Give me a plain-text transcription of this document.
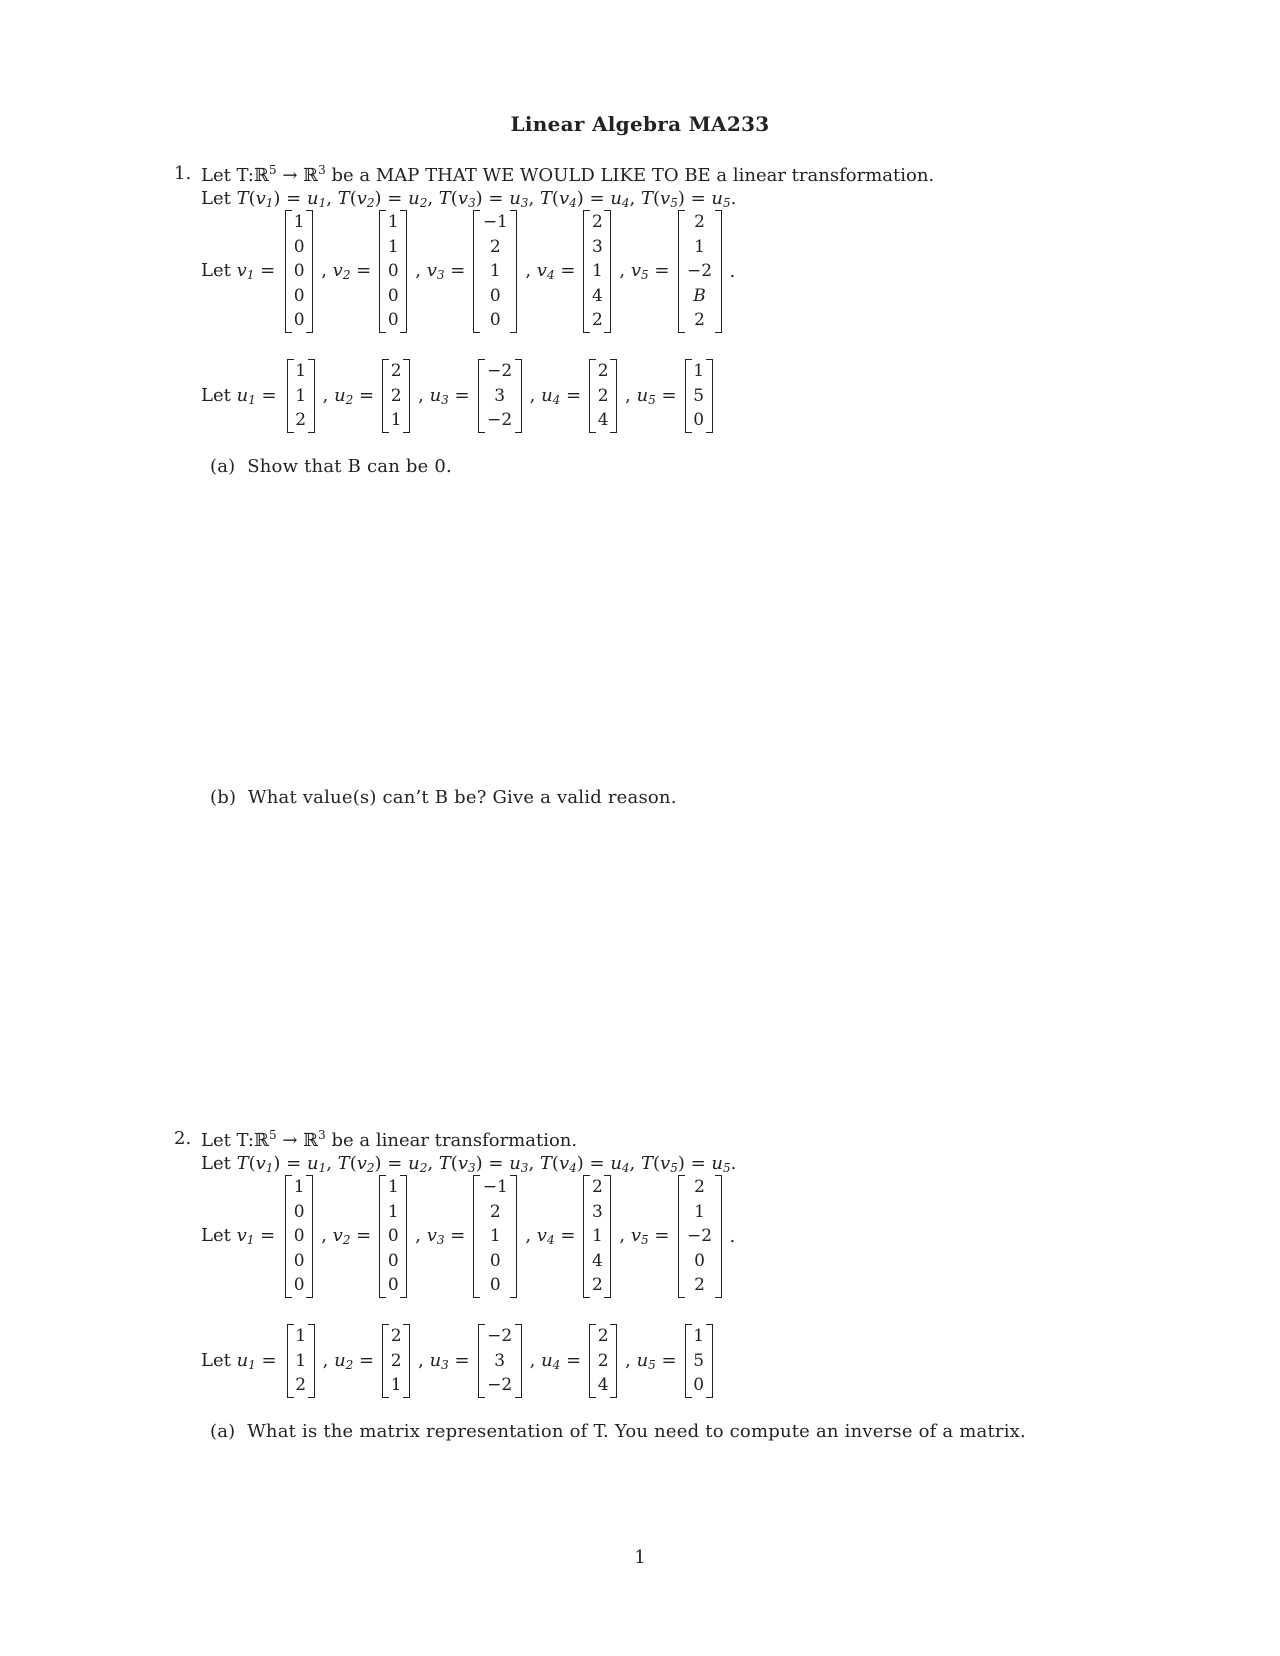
Linear Algebra MA233
1. Let T:ℝ$^5$ → ℝ$^3$ be a MAP THAT WE WOULD LIKE TO BE a linear transformation.
Let $T(v_1) = u_1$, $T(v_2) = u_2$, $T(v_3) = u_3$, $T(v_4) = u_4$, $T(v_5) = u_5$.
Let $v_1$ =
1
0
0
0
0
, $v_2$ =
1
1
0
0
0
, $v_3$ =
−1
2
1
0
0
, $v_4$ =
2
3
1
4
2
, $v_5$ =
2
1
−2
B
2
.
Let $u_1$ =
1
1
2
, $u_2$ =
2
2
1
, $u_3$ =
−2
3
−2
, $u_4$ =
2
2
4
, $u_5$ =
1
5
0
(a) Show that B can be 0.
(b) What value(s) can’t B be? Give a valid reason.
2. Let T:ℝ$^5$ → ℝ$^3$ be a linear transformation.
Let $T(v_1) = u_1$, $T(v_2) = u_2$, $T(v_3) = u_3$, $T(v_4) = u_4$, $T(v_5) = u_5$.
Let $v_1$ =
1
0
0
0
0
, $v_2$ =
1
1
0
0
0
, $v_3$ =
−1
2
1
0
0
, $v_4$ =
2
3
1
4
2
, $v_5$ =
2
1
−2
0
2
.
Let $u_1$ =
1
1
2
, $u_2$ =
2
2
1
, $u_3$ =
−2
3
−2
, $u_4$ =
2
2
4
, $u_5$ =
1
5
0
(a) What is the matrix representation of T. You need to compute an inverse of a matrix.
1
